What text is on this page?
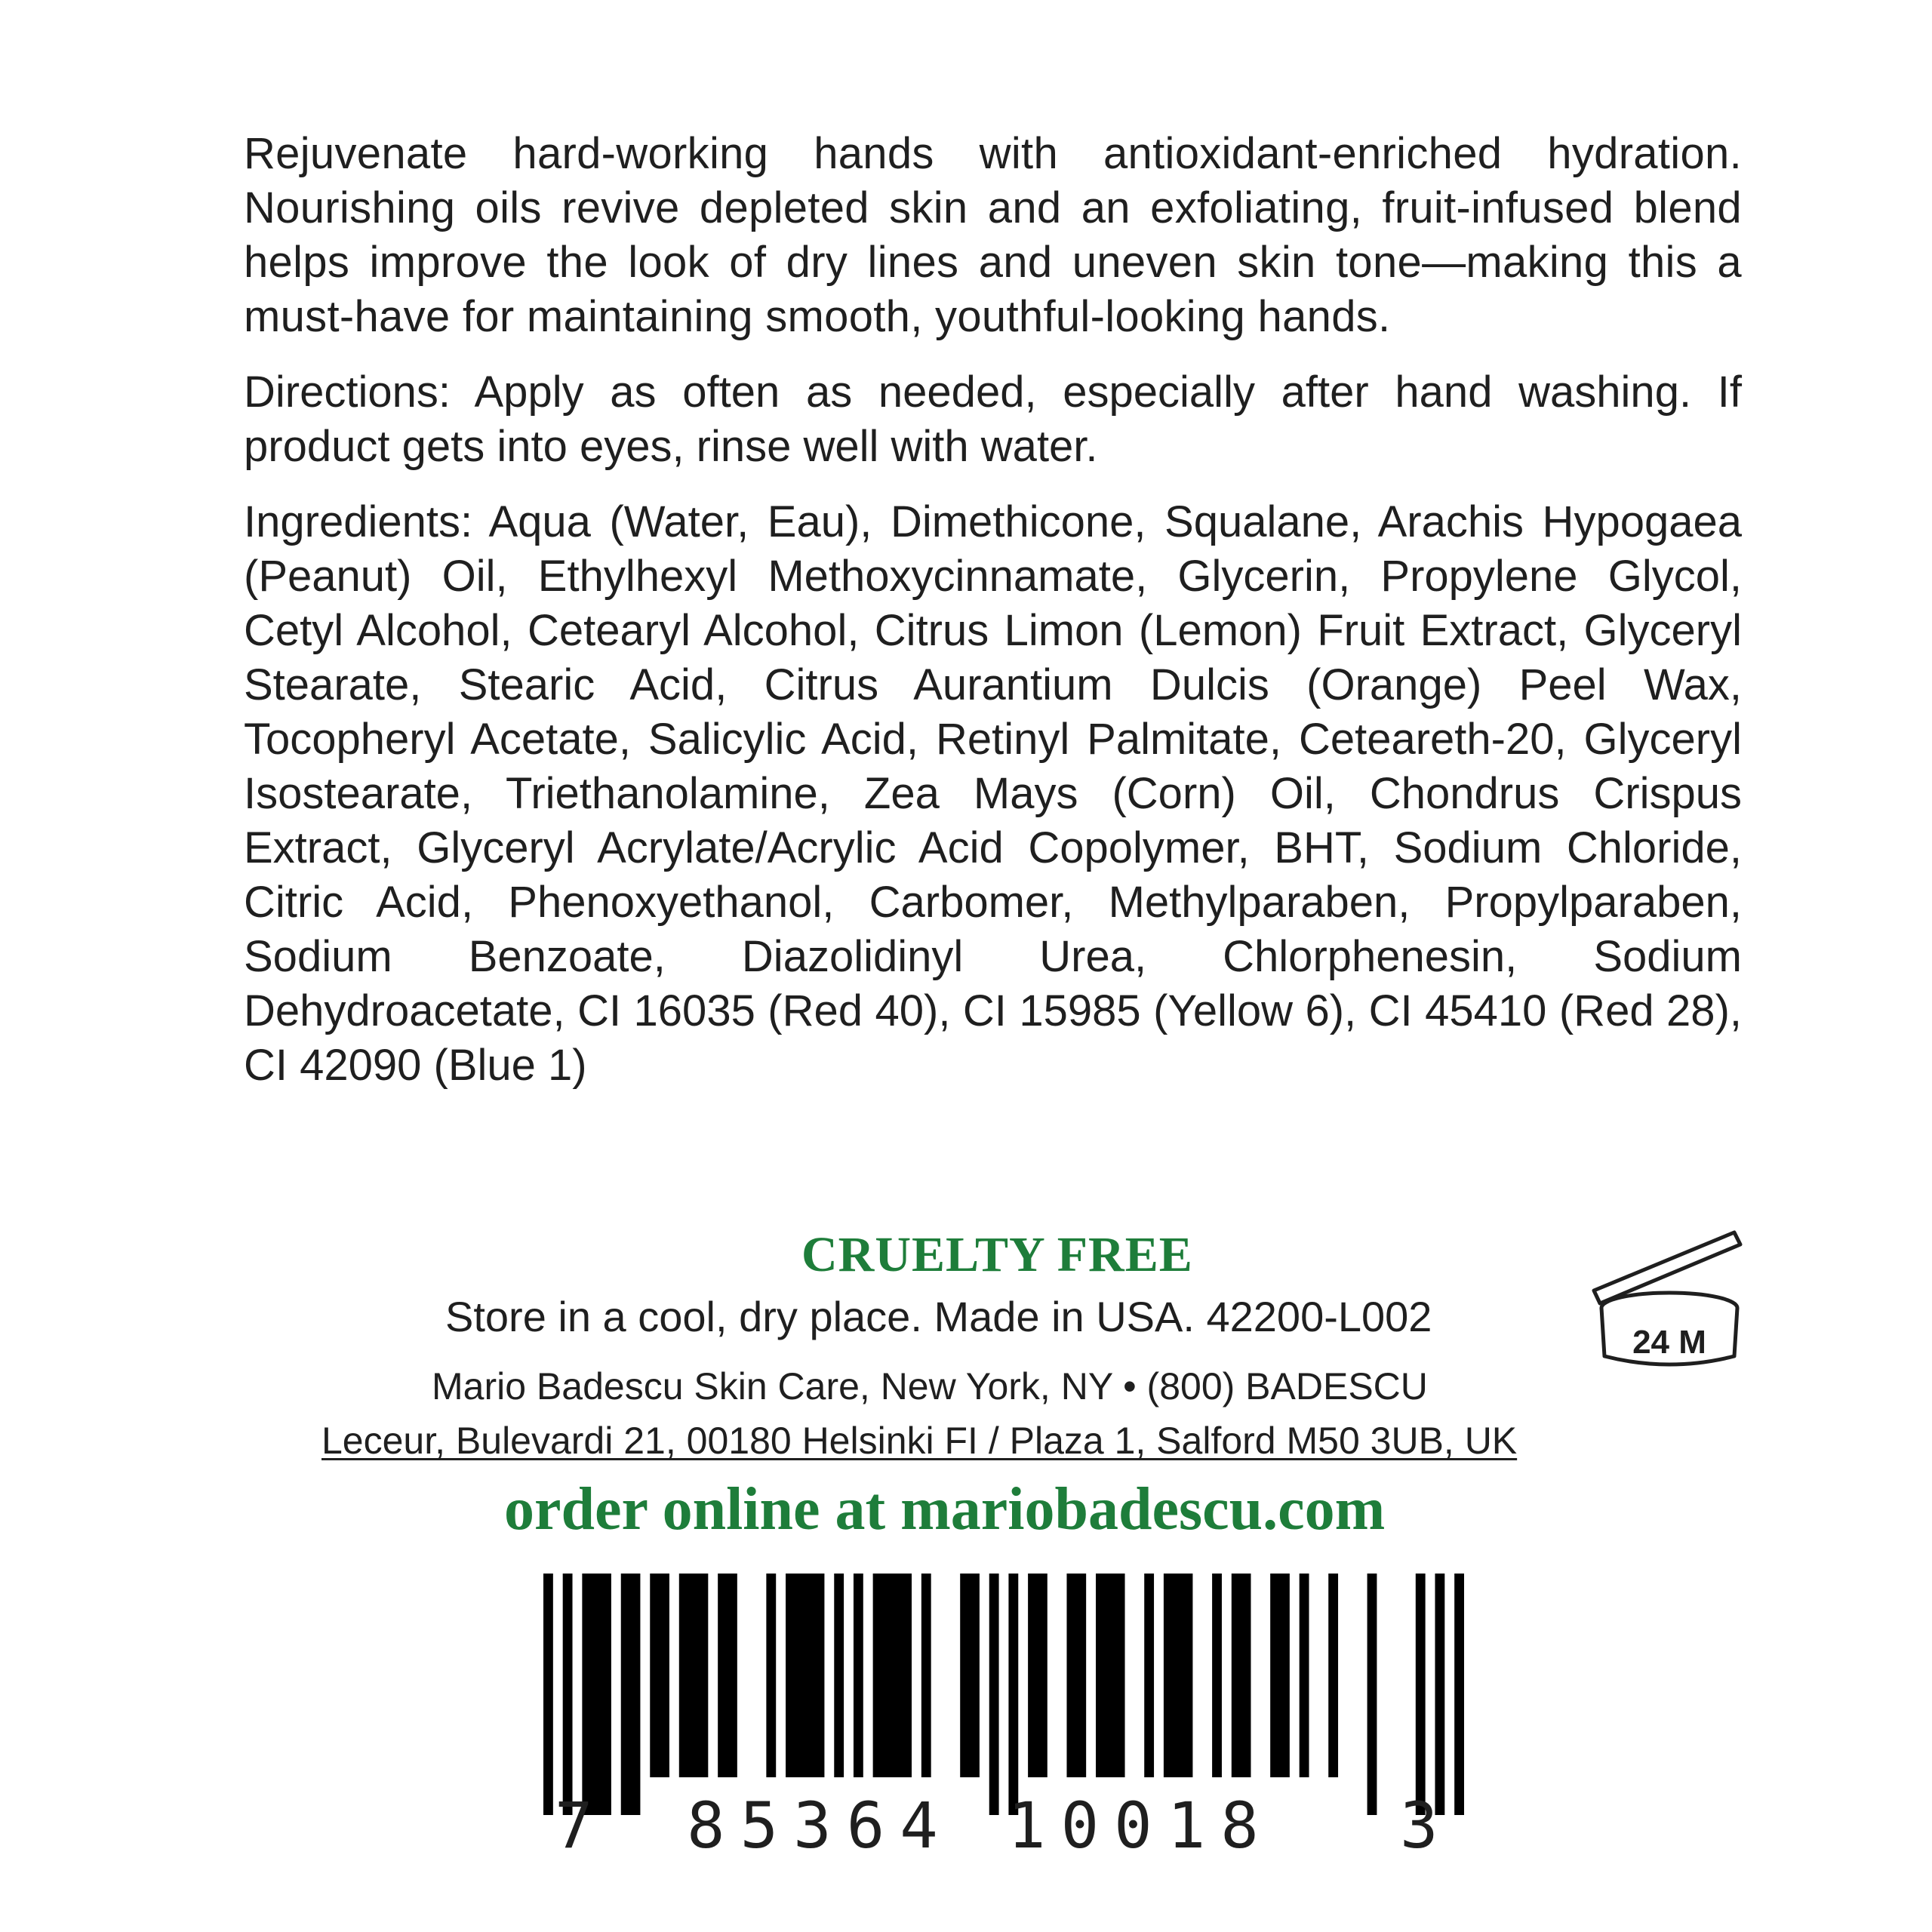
Rejuvenate hard-working hands with antioxidant-enriched hydration. Nourishing oils revive depleted skin and an exfoliating, fruit-infused blend helps improve the look of dry lines and uneven skin tone—making this a must-have for maintaining smooth, youthful-looking hands.

Directions: Apply as often as needed, especially after hand washing. If product gets into eyes, rinse well with water.

Ingredients: Aqua (Water, Eau), Dimethicone, Squalane, Arachis Hypogaea (Peanut) Oil, Ethylhexyl Methoxycinnamate, Glycerin, Propylene Glycol, Cetyl Alcohol, Cetearyl Alcohol, Citrus Limon (Lemon) Fruit Extract, Glyceryl Stearate, Stearic Acid, Citrus Aurantium Dulcis (Orange) Peel Wax, Tocopheryl Acetate, Salicylic Acid, Retinyl Palmitate, Ceteareth-20, Glyceryl Isostearate, Triethanolamine, Zea Mays (Corn) Oil, Chondrus Crispus Extract, Glyceryl Acrylate/Acrylic Acid Copolymer, BHT, Sodium Chloride, Citric Acid, Phenoxyethanol, Carbomer, Methylparaben, Propylparaben, Sodium Benzoate, Diazolidinyl Urea, Chlorphenesin, Sodium Dehydroacetate, CI 16035 (Red 40), CI 15985 (Yellow 6), CI 45410 (Red 28), CI 42090 (Blue 1)

CRUELTY FREE
Store in a cool, dry place. Made in USA. 42200-L002
Mario Badescu Skin Care, New York, NY • (800) BADESCU
Leceur, Bulevardi 21, 00180 Helsinki FI / Plaza 1, Salford M50 3UB, UK
order online at mariobadescu.com
24 M
7 85364 10018 3
